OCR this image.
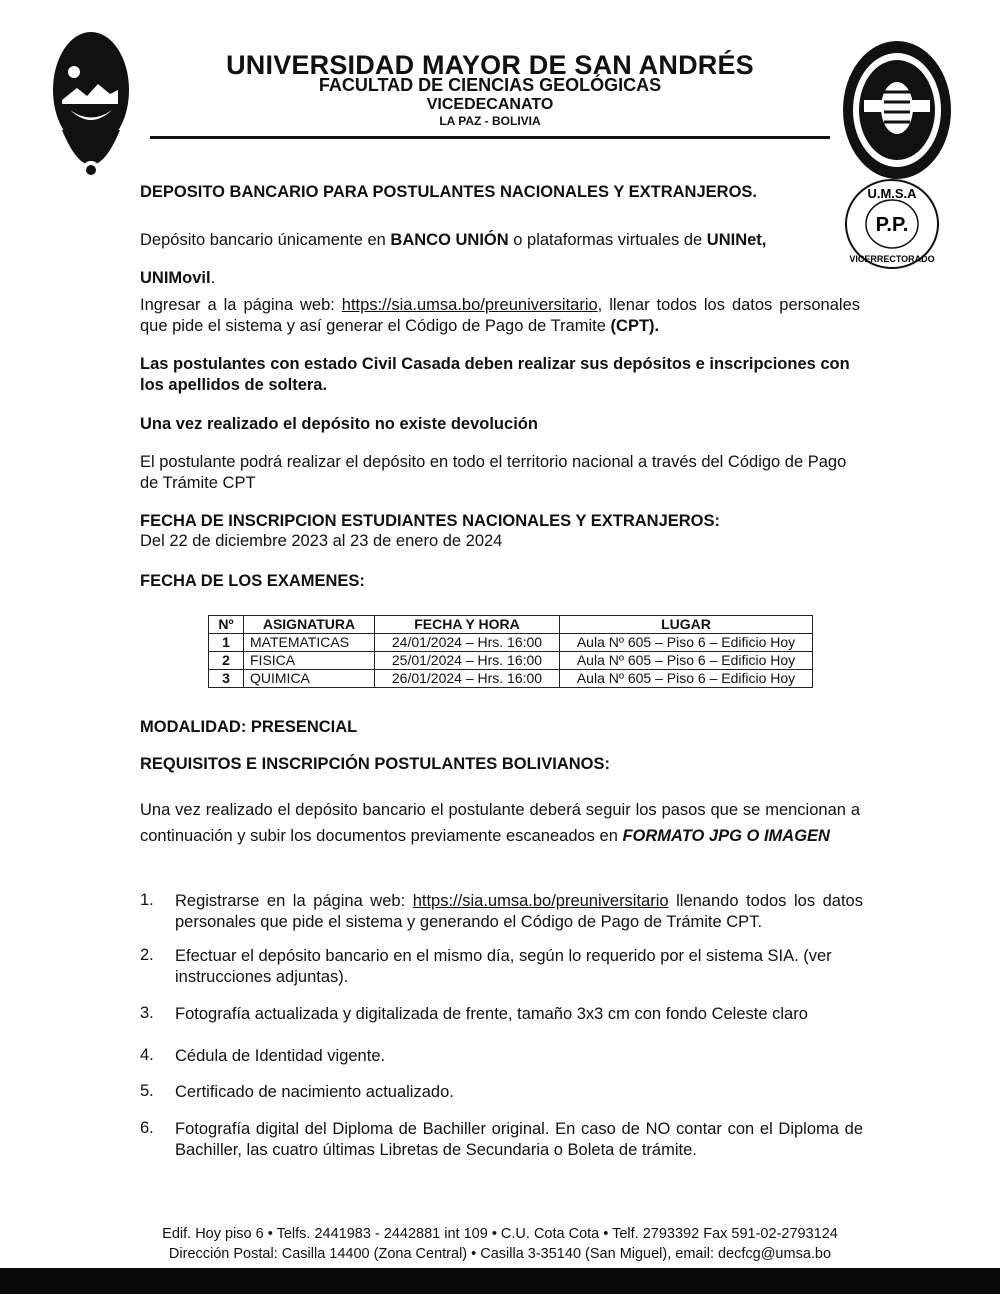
U.M.S.A
P.P.
VICERRECTORADO
UNIVERSIDAD MAYOR DE SAN ANDRÉS
FACULTAD DE CIENCIAS GEOLÓGICAS
VICEDECANATO
LA PAZ - BOLIVIA
DEPOSITO BANCARIO PARA POSTULANTES NACIONALES Y EXTRANJEROS.
Depósito bancario únicamente en BANCO UNIÓN o plataformas virtuales de UNINet,
UNIMovil.
Ingresar a la página web: https://sia.umsa.bo/preuniversitario, llenar todos los datos personales que pide el sistema y así generar el Código de Pago de Tramite (CPT).
Las postulantes con estado Civil Casada deben realizar sus depósitos e inscripciones con los apellidos de soltera.
Una vez realizado el depósito no existe devolución
El postulante podrá realizar el depósito en todo el territorio nacional a través del Código de Pago de Trámite CPT
FECHA DE INSCRIPCION ESTUDIANTES NACIONALES Y EXTRANJEROS:
Del 22 de diciembre 2023 al 23 de enero de 2024
FECHA DE LOS EXAMENES:
Nº	ASIGNATURA	FECHA Y HORA	LUGAR
1	MATEMATICAS	24/01/2024 – Hrs. 16:00	Aula Nº 605 – Piso 6 – Edificio Hoy
2	FISICA	25/01/2024 – Hrs. 16:00	Aula Nº 605 – Piso 6 – Edificio Hoy
3	QUIMICA	26/01/2024 – Hrs. 16:00	Aula Nº 605 – Piso 6 – Edificio Hoy
MODALIDAD: PRESENCIAL
REQUISITOS E INSCRIPCIÓN POSTULANTES BOLIVIANOS:
Una vez realizado el depósito bancario el postulante deberá seguir los pasos que se mencionan a continuación y subir los documentos previamente escaneados en FORMATO JPG O IMAGEN
1. Registrarse en la página web: https://sia.umsa.bo/preuniversitario llenando todos los datos personales que pide el sistema y generando el Código de Pago de Trámite CPT.
2. Efectuar el depósito bancario en el mismo día, según lo requerido por el sistema SIA. (ver instrucciones adjuntas).
3. Fotografía actualizada y digitalizada de frente, tamaño 3x3 cm con fondo Celeste claro
4. Cédula de Identidad vigente.
5. Certificado de nacimiento actualizado.
6. Fotografía digital del Diploma de Bachiller original. En caso de NO contar con el Diploma de Bachiller, las cuatro últimas Libretas de Secundaria o Boleta de trámite.
Edif. Hoy piso 6 • Telfs. 2441983 - 2442881 int 109 • C.U. Cota Cota • Telf. 2793392 Fax 591-02-2793124
Dirección Postal: Casilla 14400 (Zona Central) • Casilla 3-35140 (San Miguel), email: decfcg@umsa.bo
